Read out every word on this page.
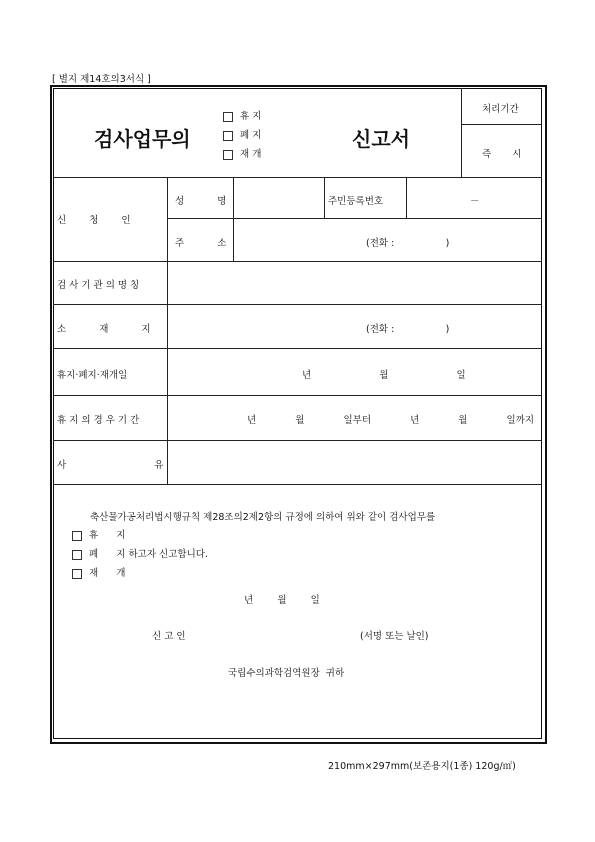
[ 별지 제14호의3서식 ]
검사업무의
휴 지
폐 지
재 개
신고서
처리기간
즉 시
신 청 인
성 명	주민등록번호	－
주 소	(전화 :                 )
검사기관의명칭
소 재 지	(전화 :                 )
휴지·폐지·재개일	년    월    일
휴지의경우기간	년   월   일부터   년   월   일까지
사 유
축산물가공처리법시행규칙 제28조의2제2항의 규정에 의하여 위와 같이 검사업무를
휴      지
폐      지 하고자 신고합니다.
재      개
년        월        일
신 고 인	(서명 또는 날인)
국립수의과학검역원장  귀하
210mm×297mm(보존용지(1종) 120g/㎡)
